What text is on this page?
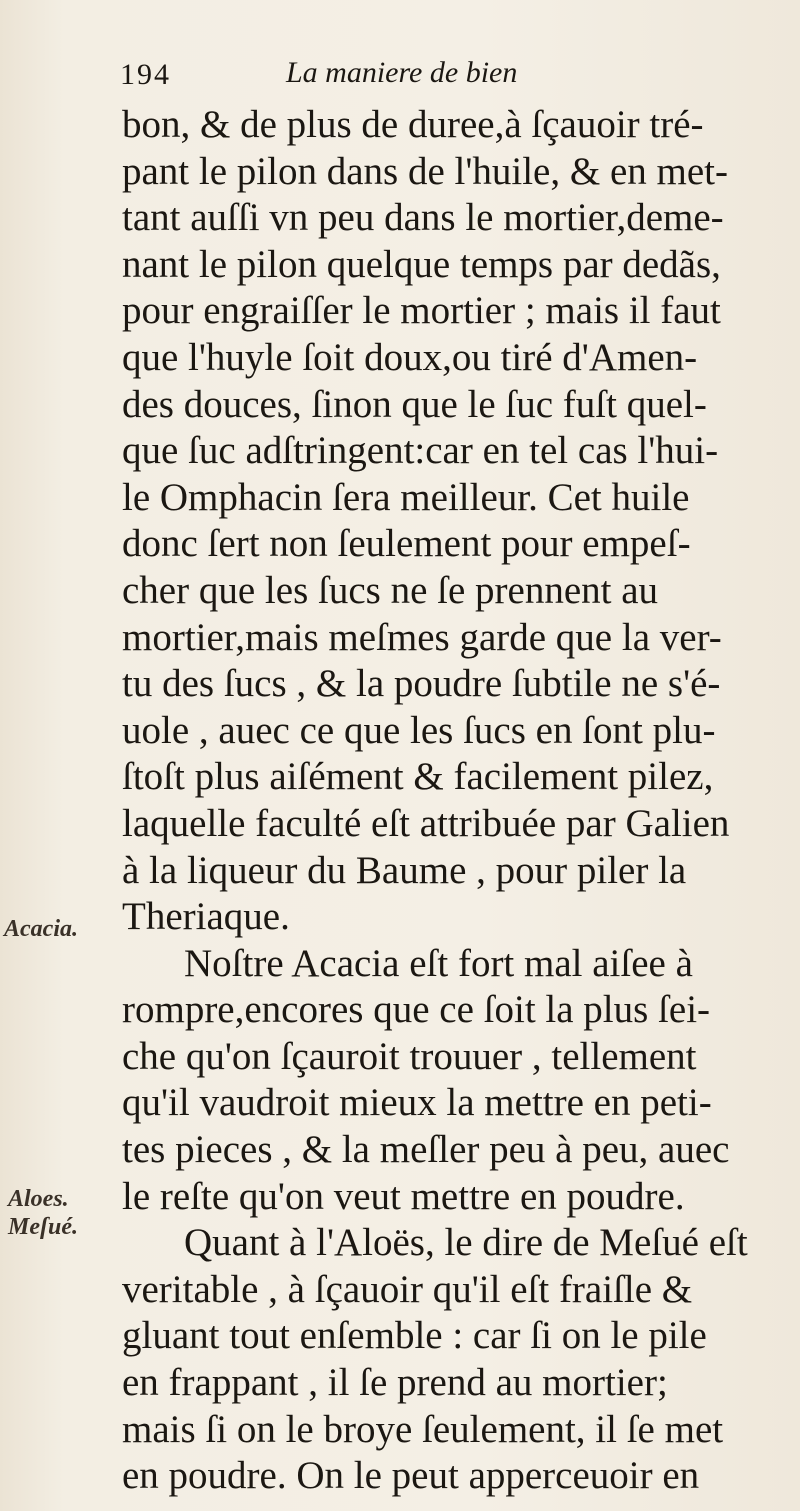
194	La maniere de bien
bon, & de plus de duree,à ſçauoir tré-
pant le pilon dans de l'huile, & en met-
tant auſſi vn peu dans le mortier,deme-
nant le pilon quelque temps par dedãs,
pour engraiſſer le mortier ; mais il faut
que l'huyle ſoit doux,ou tiré d'Amen-
des douces, ſinon que le ſuc fuſt quel-
que ſuc adſtringent:car en tel cas l'hui-
le Omphacin ſera meilleur. Cet huile
donc ſert non ſeulement pour empeſ-
cher que les ſucs ne ſe prennent au
mortier,mais meſmes garde que la ver-
tu des ſucs , & la poudre ſubtile ne s'é-
uole , auec ce que les ſucs en ſont plu-
ſtoſt plus aiſément & facilement pilez,
laquelle faculté eſt attribuée par Galien
à la liqueur du Baume , pour piler la
Theriaque.
Noſtre Acacia eſt fort mal aiſee à
rompre,encores que ce ſoit la plus ſei-
che qu'on ſçauroit trouuer , tellement
qu'il vaudroit mieux la mettre en peti-
tes pieces , & la meſler peu à peu, auec
le reſte qu'on veut mettre en poudre.
Quant à l'Aloës, le dire de Meſué eſt
veritable , à ſçauoir qu'il eſt fraiſle &
gluant tout enſemble : car ſi on le pile
en frappant , il ſe prend au mortier;
mais ſi on le broye ſeulement, il ſe met
en poudre. On le peut apperceuoir en
Acacia.
Aloes.
Meſué.
